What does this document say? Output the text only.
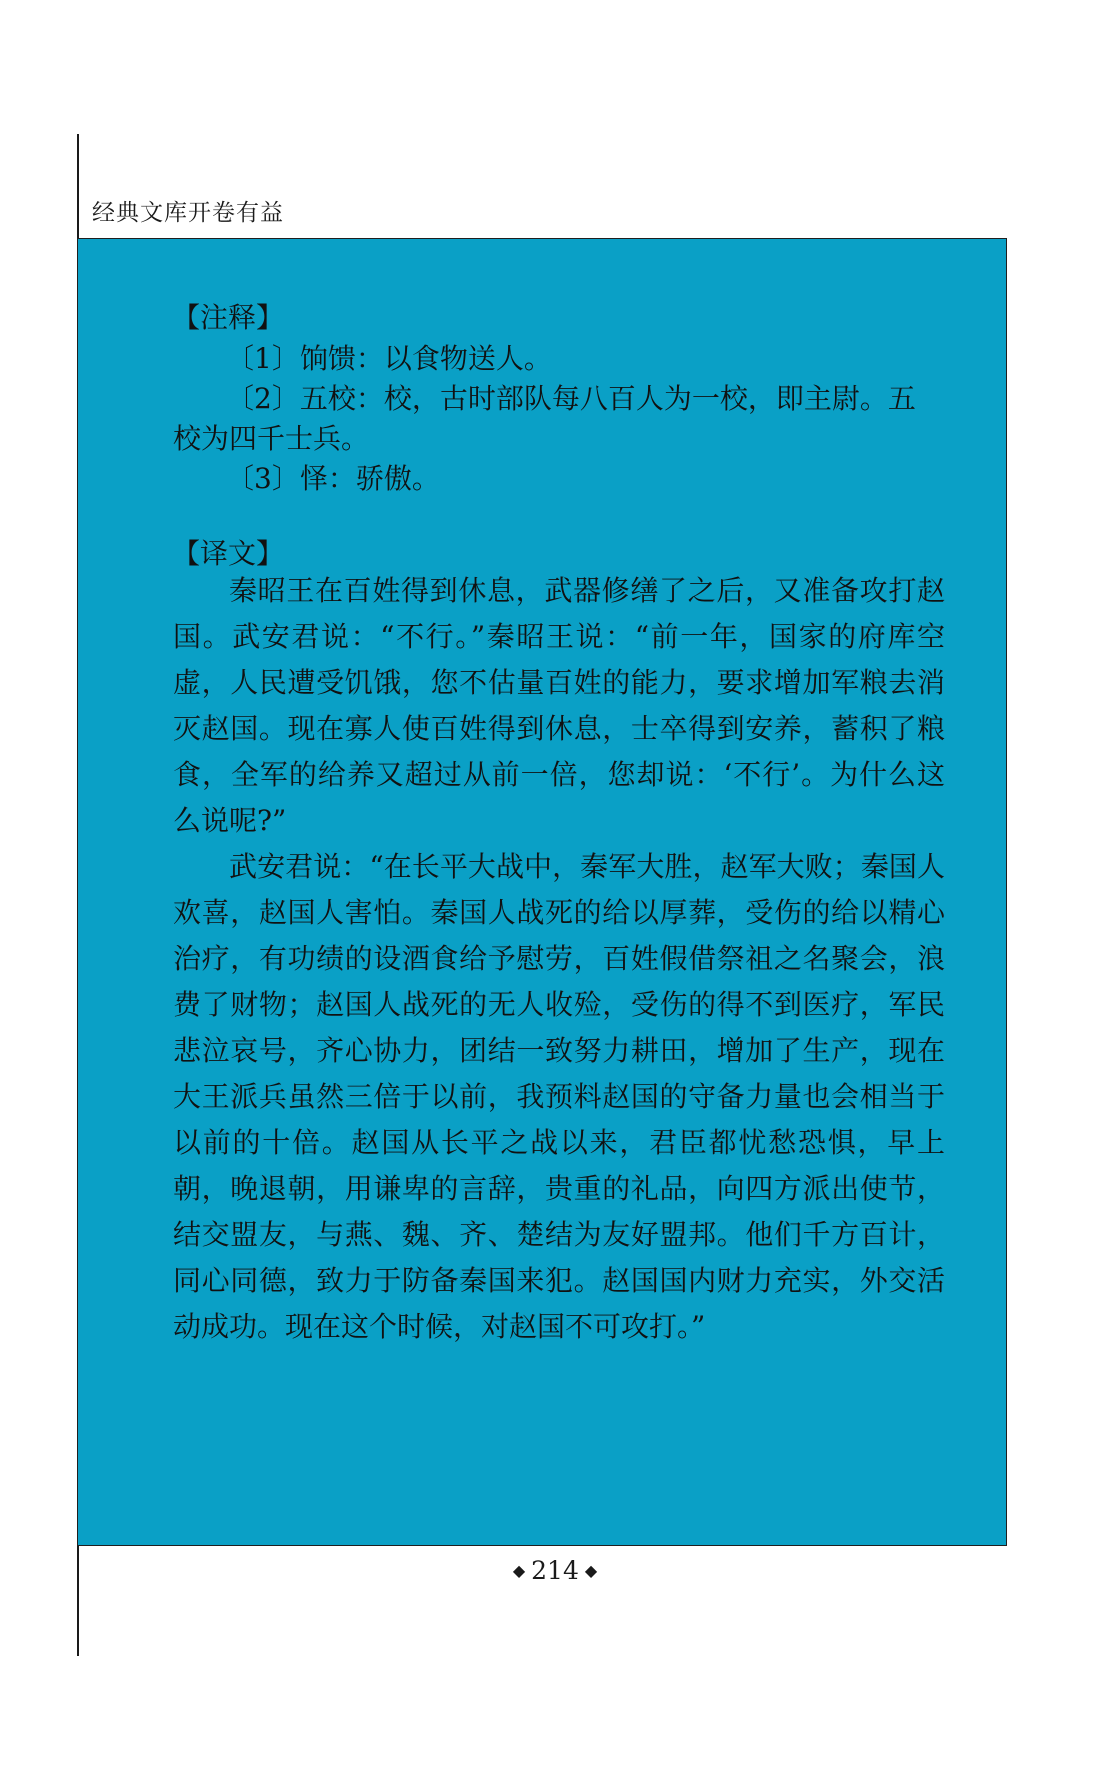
经典文库开卷有益
【注释】
〔1〕饷馈：以食物送人。
〔2〕五校：校，古时部队每八百人为一校，即主尉。五
校为四千士兵。
〔3〕怿：骄傲。
【译文】

秦昭王在百姓得到休息，武器修缮了之后，又准备攻打赵国。武安君说：“不行。”秦昭王说：“前一年，国家的府库空虚，人民遭受饥饿，您不估量百姓的能力，要求增加军粮去消灭赵国。现在寡人使百姓得到休息，士卒得到安养，蓄积了粮食，全军的给养又超过从前一倍，您却说：‘不行’。为什么这么说呢?”

武安君说：“在长平大战中，秦军大胜，赵军大败；秦国人欢喜，赵国人害怕。秦国人战死的给以厚葬，受伤的给以精心治疗，有功绩的设酒食给予慰劳，百姓假借祭祖之名聚会，浪费了财物；赵国人战死的无人收殓，受伤的得不到医疗，军民悲泣哀号，齐心协力，团结一致努力耕田，增加了生产，现在大王派兵虽然三倍于以前，我预料赵国的守备力量也会相当于以前的十倍。赵国从长平之战以来，君臣都忧愁恐惧，早上朝，晚退朝，用谦卑的言辞，贵重的礼品，向四方派出使节，结交盟友，与燕、魏、齐、楚结为友好盟邦。他们千方百计，同心同德，致力于防备秦国来犯。赵国国内财力充实，外交活动成功。现在这个时候，对赵国不可攻打。”

◆ 214 ◆
